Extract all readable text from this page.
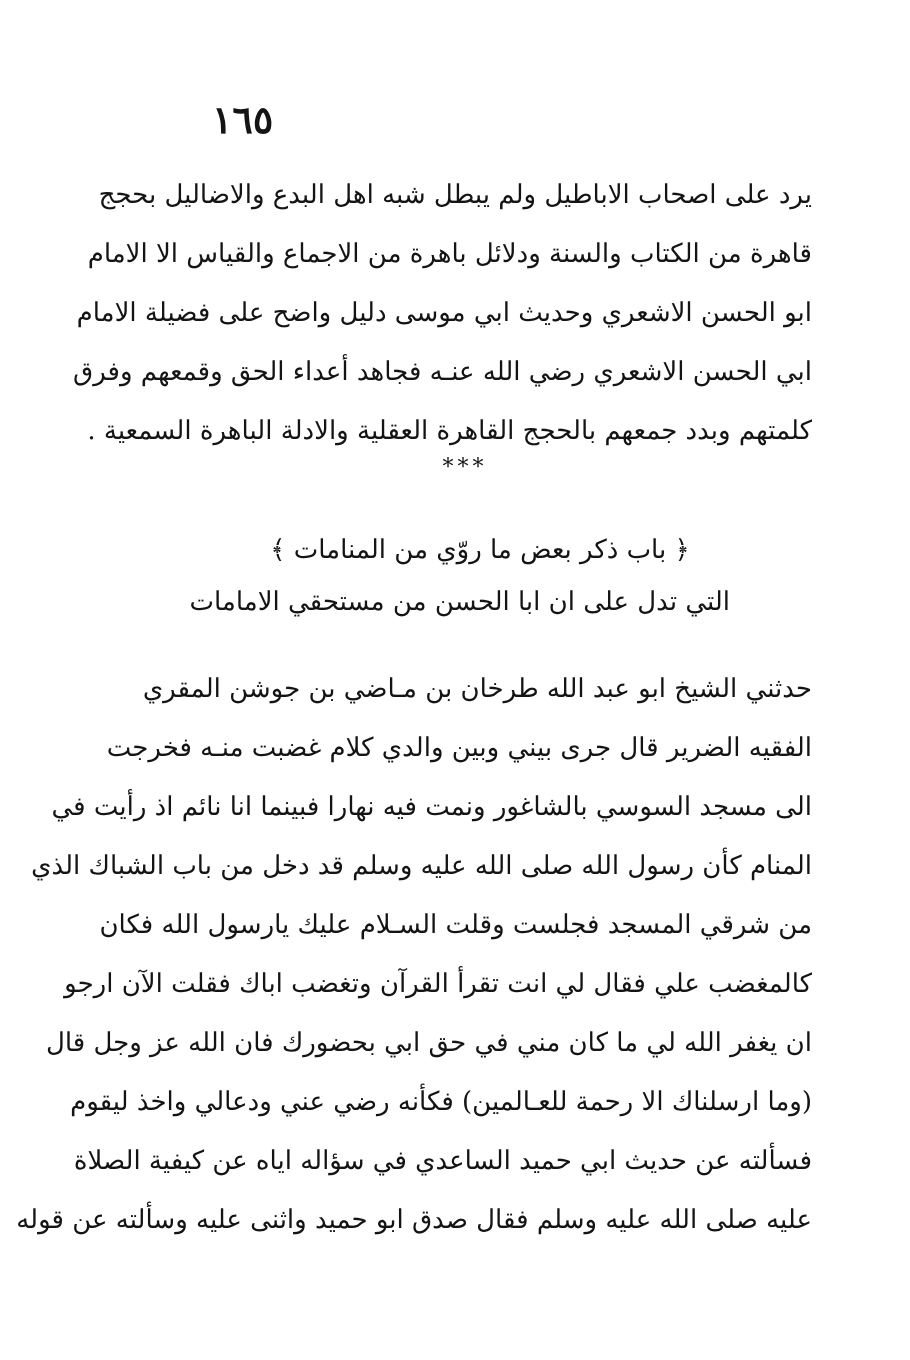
١٦٥
يرد على اصحاب الاباطيل ولم يبطل شبه اهل البدع والاضاليل بحجج
قاهرة من الكتاب والسنة ودلائل باهرة من الاجماع والقياس الا الامام
ابو الحسن الاشعري وحديث ابي موسى دليل واضح على فضيلة الامام
ابي الحسن الاشعري رضي الله عنـه فجاهد أعداء الحق وقمعهم وفرق
كلمتهم وبدد جمعهم بالحجج القاهرة العقلية والادلة الباهرة السمعية .
***
﴿ باب ذكر بعض ما روّي من المنامات ﴾
التي تدل على ان ابا الحسن من مستحقي الامامات
حدثني الشيخ ابو عبد الله طرخان بن مـاضي بن جوشن المقري
الفقيه الضرير قال جرى بيني وبين والدي كلام غضبت منـه فخرجت
الى مسجد السوسي بالشاغور ونمت فيه نهارا فبينما انا نائم اذ رأيت في
المنام كأن رسول الله صلى الله عليه وسلم قد دخل من باب الشباك الذي
من شرقي المسجد فجلست وقلت السـلام عليك يارسول الله فكان
كالمغضب علي فقال لي انت تقرأ القرآن وتغضب اباك فقلت الآن ارجو
ان يغفر الله لي ما كان مني في حق ابي بحضورك فان الله عز وجل قال
(وما ارسلناك الا رحمة للعـالمين) فكأنه رضي عني ودعالي واخذ ليقوم
فسألته عن حديث ابي حميد الساعدي في سؤاله اياه عن كيفية الصلاة
عليه صلى الله عليه وسلم فقال صدق ابو حميد واثنى عليه وسألته عن قوله
